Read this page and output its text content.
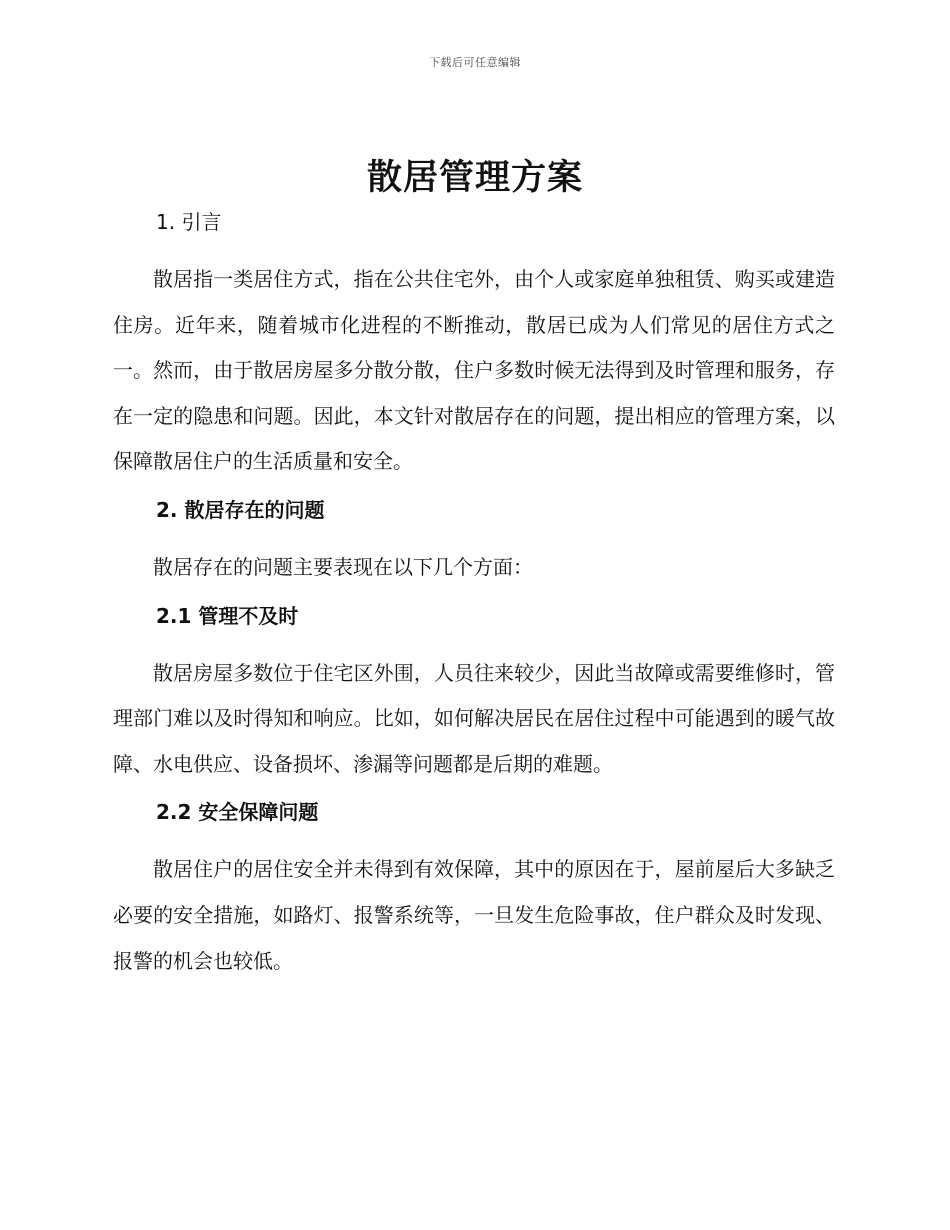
下载后可任意编辑
散居管理方案
1. 引言

散居指一类居住方式，指在公共住宅外，由个人或家庭单独租赁、购买或建造住房。近年来，随着城市化进程的不断推动，散居已成为人们常见的居住方式之一。然而，由于散居房屋多分散分散，住户多数时候无法得到及时管理和服务，存在一定的隐患和问题。因此，本文针对散居存在的问题，提出相应的管理方案，以保障散居住户的生活质量和安全。

2. 散居存在的问题

散居存在的问题主要表现在以下几个方面：

2.1 管理不及时

散居房屋多数位于住宅区外围，人员往来较少，因此当故障或需要维修时，管理部门难以及时得知和响应。比如，如何解决居民在居住过程中可能遇到的暖气故障、水电供应、设备损坏、渗漏等问题都是后期的难题。

2.2 安全保障问题

散居住户的居住安全并未得到有效保障，其中的原因在于，屋前屋后大多缺乏必要的安全措施，如路灯、报警系统等，一旦发生危险事故，住户群众及时发现、报警的机会也较低。
